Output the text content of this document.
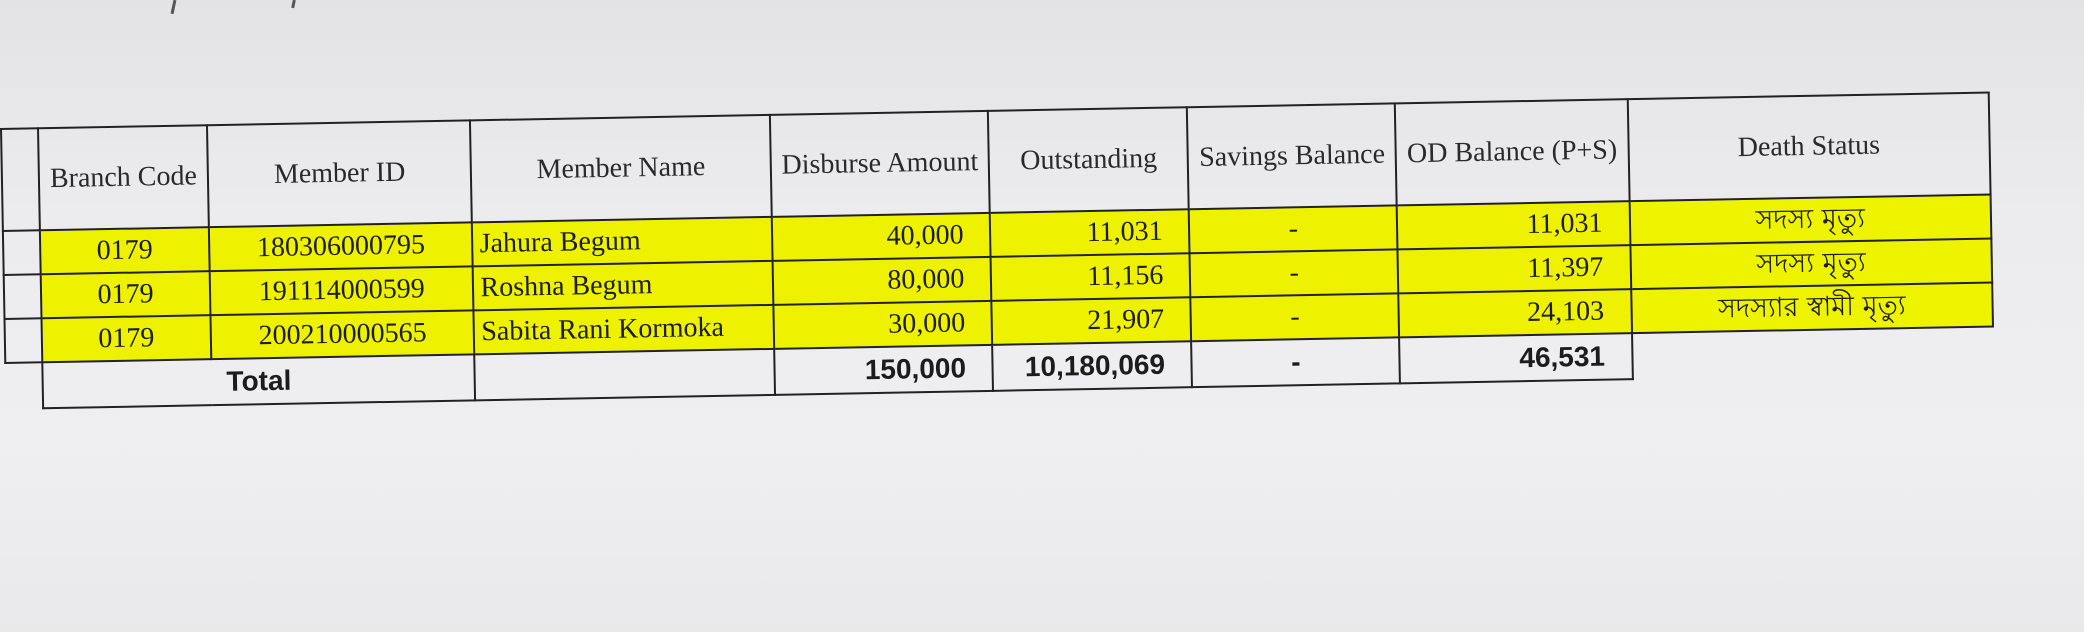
	Branch Code	Member ID	Member Name	Disburse Amount	Outstanding	Savings Balance	OD Balance (P+S)	Death Status
	0179	180306000795	Jahura Begum	40,000	11,031	-	11,031	সদস্য মৃত্যু
	0179	191114000599	Roshna Begum	80,000	11,156	-	11,397	সদস্য মৃত্যু
	0179	200210000565	Sabita Rani Kormoka	30,000	21,907	-	24,103	সদস্যার স্বামী মৃত্যু
	Total			150,000	10,180,069	-	46,531	
